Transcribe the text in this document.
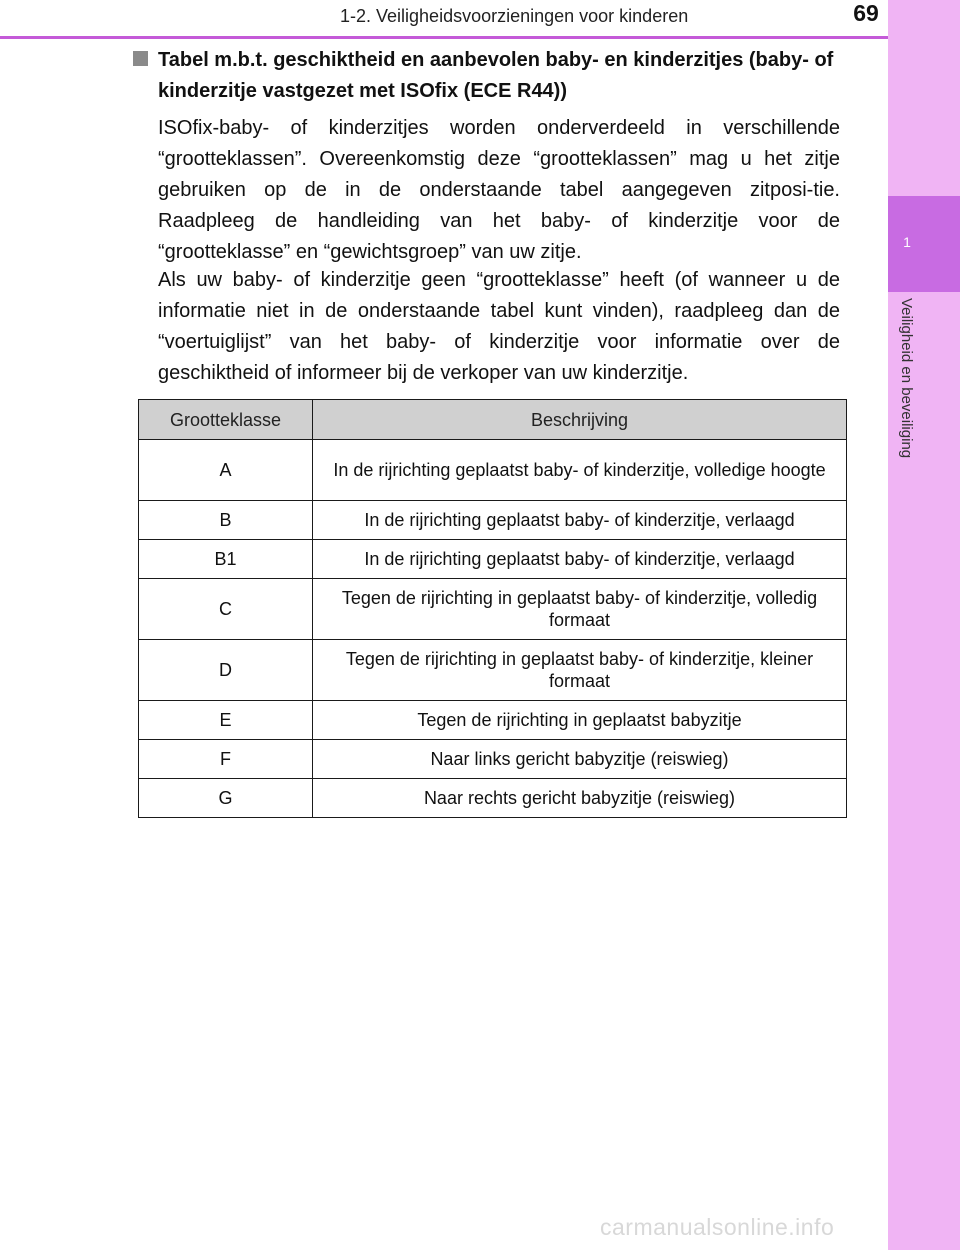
1-2. Veiligheidsvoorzieningen voor kinderen	69
1
Veiligheid en beveiliging
Tabel m.b.t. geschiktheid en aanbevolen baby- en kinderzitjes (baby- of kinderzitje vastgezet met ISOfix (ECE R44))

ISOfix-baby- of kinderzitjes worden onderverdeeld in verschillende “grootteklassen”. Overeenkomstig deze “grootteklassen” mag u het zitje gebruiken op de in de onderstaande tabel aangegeven zitposi-tie. Raadpleeg de handleiding van het baby- of kinderzitje voor de “grootteklasse” en “gewichtsgroep” van uw zitje.

Als uw baby- of kinderzitje geen “grootteklasse” heeft (of wanneer u de informatie niet in de onderstaande tabel kunt vinden), raadpleeg dan de “voertuiglijst” van het baby- of kinderzitje voor informatie over de geschiktheid of informeer bij de verkoper van uw kinderzitje.

Grootteklasse	Beschrijving
A	In de rijrichting geplaatst baby- of kinderzitje, volledige hoogte
B	In de rijrichting geplaatst baby- of kinderzitje, verlaagd
B1	In de rijrichting geplaatst baby- of kinderzitje, verlaagd
C	Tegen de rijrichting in geplaatst baby- of kinderzitje, volledig formaat
D	Tegen de rijrichting in geplaatst baby- of kinderzitje, kleiner formaat
E	Tegen de rijrichting in geplaatst babyzitje
F	Naar links gericht babyzitje (reiswieg)
G	Naar rechts gericht babyzitje (reiswieg)
carmanualsonline.info
